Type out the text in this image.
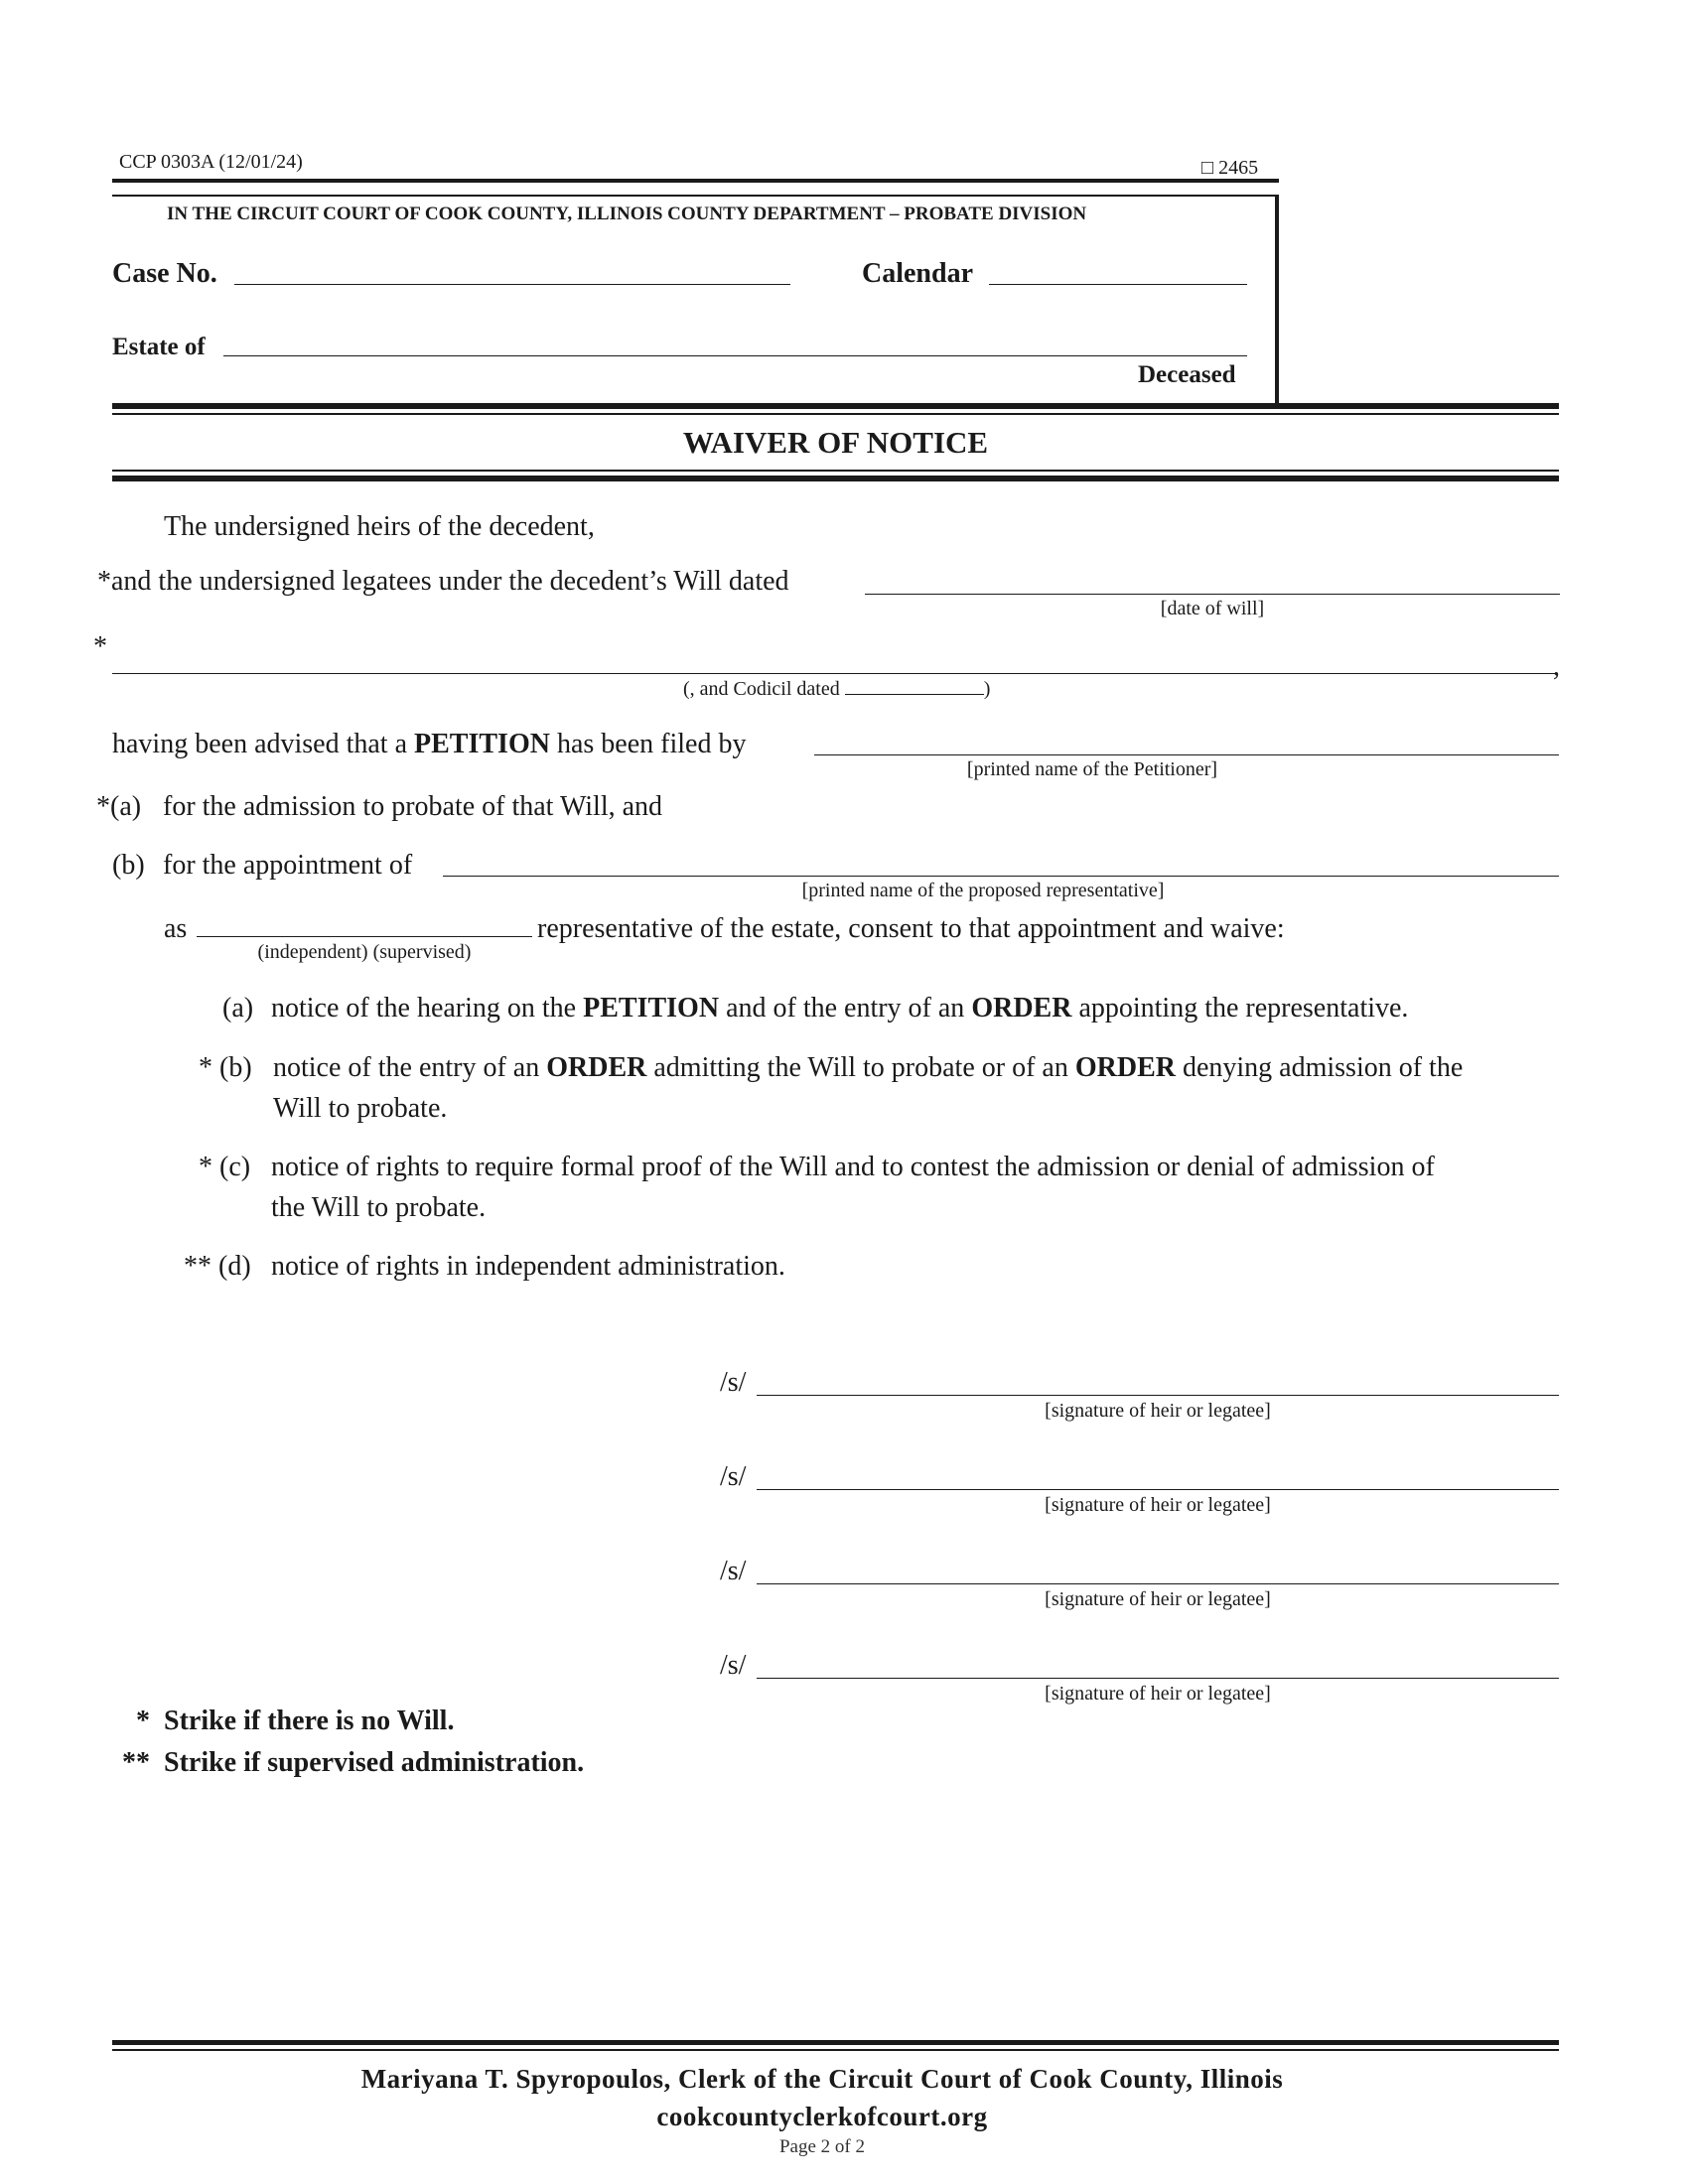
CCP 0303A (12/01/24)	□ 2465
IN THE CIRCUIT COURT OF COOK COUNTY, ILLINOIS COUNTY DEPARTMENT – PROBATE DIVISION
Case No.	Calendar
Estate of
Deceased
WAIVER OF NOTICE
The undersigned heirs of the decedent,
*and the undersigned legatees under the decedent’s Will dated
[date of will]
*
,
(, and Codicil dated	)
having been advised that a PETITION has been filed by
[printed name of the Petitioner]
*(a) for the admission to probate of that Will, and
(b) for the appointment of
[printed name of the proposed representative]
as
(independent) (supervised)
representative of the estate, consent to that appointment and waive:
(a) notice of the hearing on the PETITION and of the entry of an ORDER appointing the representative.
* (b) notice of the entry of an ORDER admitting the Will to probate or of an ORDER denying admission of the
Will to probate.
* (c) notice of rights to require formal proof of the Will and to contest the admission or denial of admission of
the Will to probate.
** (d) notice of rights in independent administration.
/s/
[signature of heir or legatee]
/s/
[signature of heir or legatee]
/s/
[signature of heir or legatee]
/s/
[signature of heir or legatee]
* Strike if there is no Will.
** Strike if supervised administration.
Mariyana T. Spyropoulos, Clerk of the Circuit Court of Cook County, Illinois
cookcountyclerkofcourt.org
Page 2 of 2
